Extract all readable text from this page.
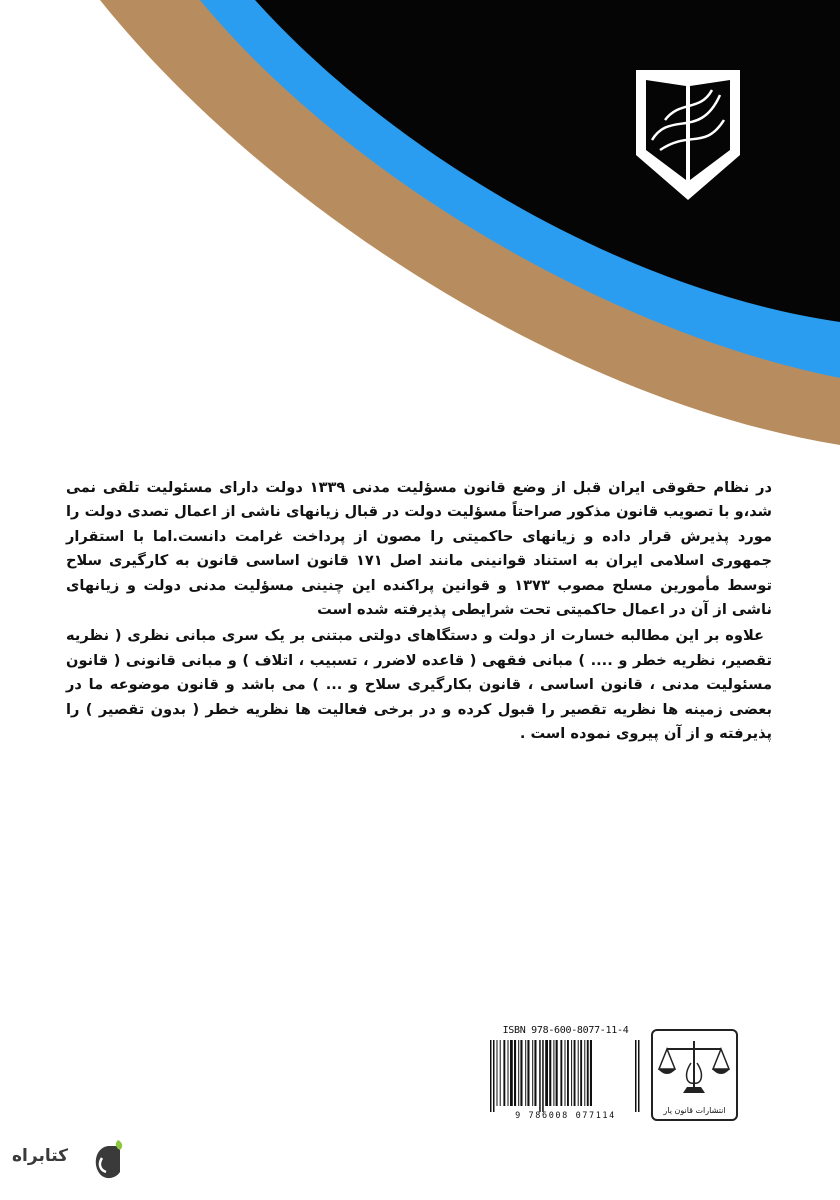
در نظام حقوقی ایران قبل از وضع قانون مسؤلیت مدنی ۱۳۳۹ دولت دارای مسئولیت تلقی نمی شد،و با تصویب قانون مذکور صراحتاً مسؤلیت دولت در قبال زیانهای ناشی از اعمال تصدی دولت را مورد پذیرش قرار داده و زیانهای حاکمیتی را مصون از پرداخت غرامت دانست.اما با استقرار جمهوری اسلامی ایران به استناد قوانینی مانند اصل ۱۷۱ قانون اساسی قانون به کارگیری سلاح توسط مأمورین مسلح مصوب ۱۳۷۳ و قوانین پراکنده این چنینی مسؤلیت مدنی دولت و زیانهای ناشی از آن در اعمال حاکمیتی تحت شرایطی پذیرفته شده است

علاوه بر این مطالبه خسارت از دولت و دستگاهای دولتی مبتنی بر یک سری مبانی نظری ( نظریه تقصیر، نظریه خطر و .... ) مبانی فقهی ( قاعده لاضرر ، تسبیب ، اتلاف ) و مبانی قانونی ( قانون مسئولیت مدنی ، قانون اساسی ، قانون بکارگیری سلاح و ... ) می باشد و قانون موضوعه ما در بعضی زمینه ها نظریه تقصیر را قبول کرده و در برخی فعالیت ها نظریه خطر ( بدون تقصیر ) را پذیرفته و از آن پیروی نموده است .

ISBN 978-600-8077-11-4
9 786008 077114
انتشارات قانون یار
کتابراه
